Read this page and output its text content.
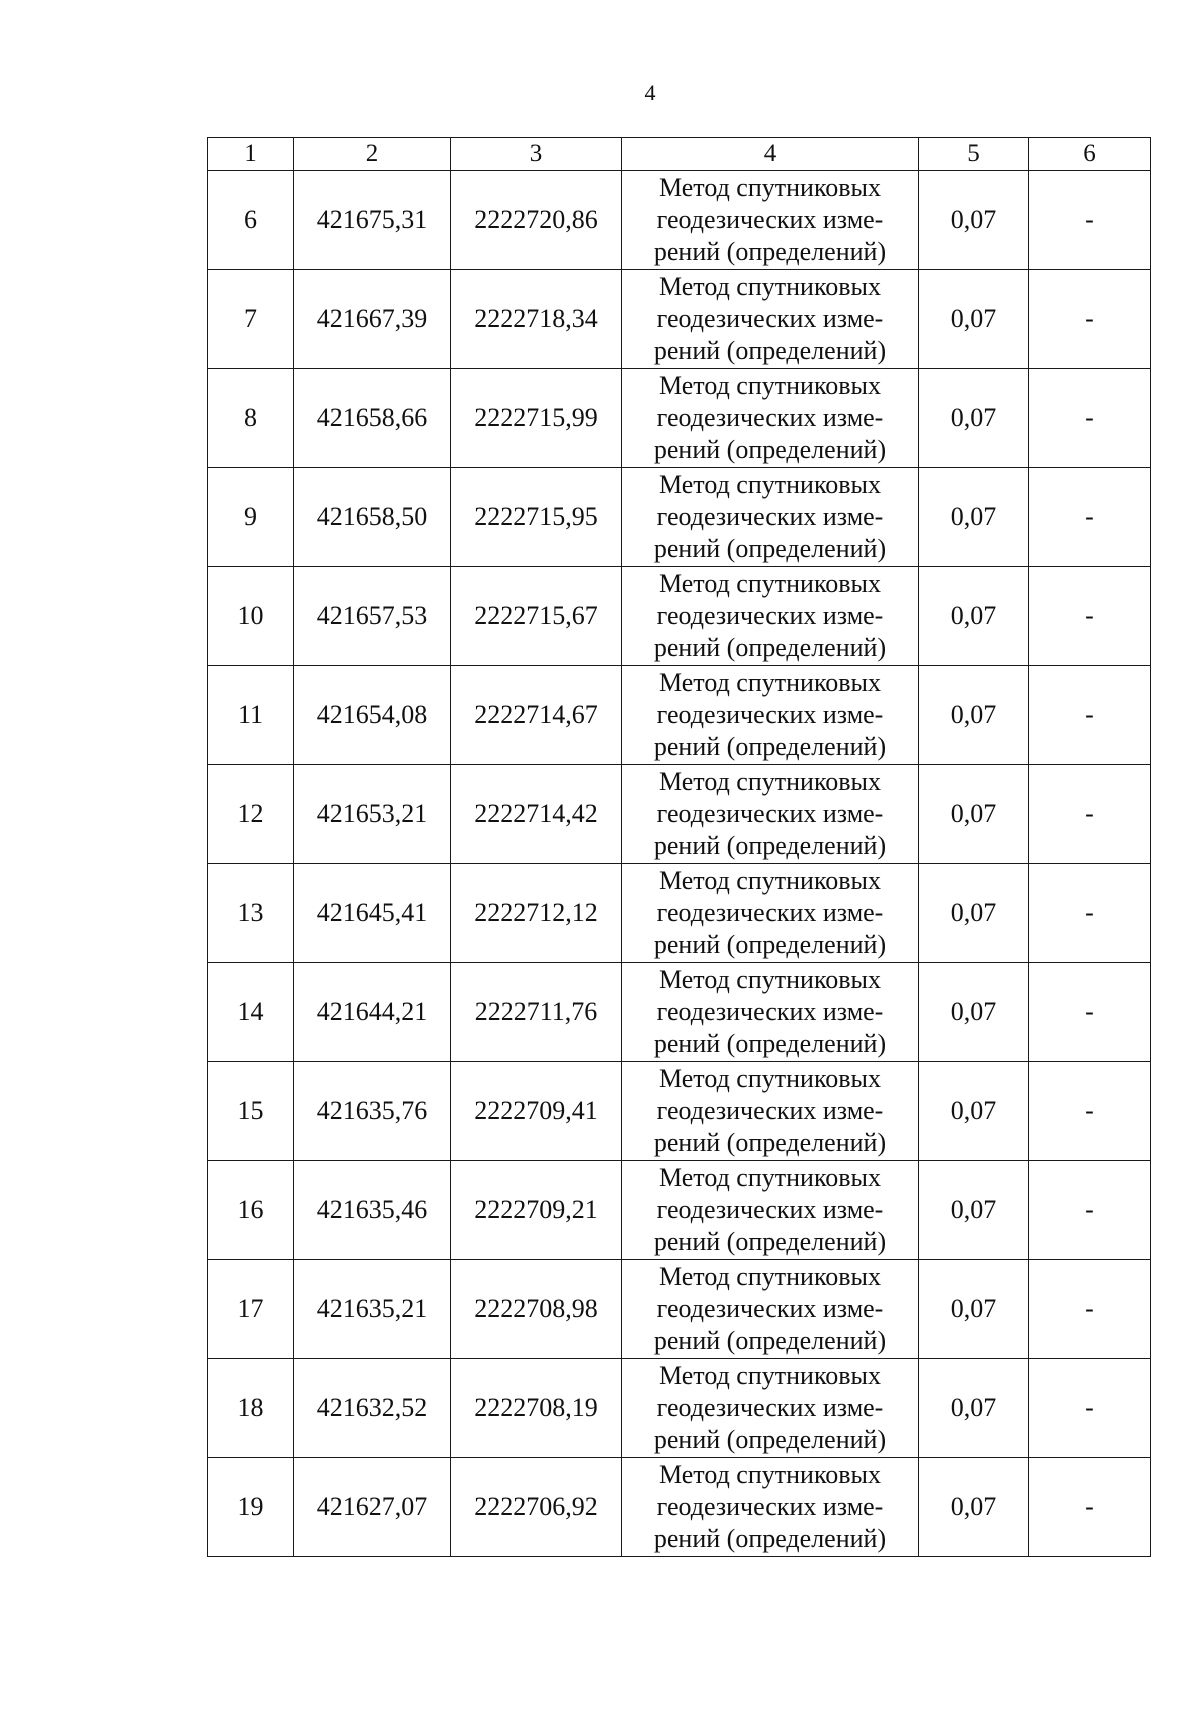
4
1	2	3	4	5	6
6	421675,31	2222720,86	Метод спутниковых
геодезических изме-
рений (определений)	0,07	-
7	421667,39	2222718,34	Метод спутниковых
геодезических изме-
рений (определений)	0,07	-
8	421658,66	2222715,99	Метод спутниковых
геодезических изме-
рений (определений)	0,07	-
9	421658,50	2222715,95	Метод спутниковых
геодезических изме-
рений (определений)	0,07	-
10	421657,53	2222715,67	Метод спутниковых
геодезических изме-
рений (определений)	0,07	-
11	421654,08	2222714,67	Метод спутниковых
геодезических изме-
рений (определений)	0,07	-
12	421653,21	2222714,42	Метод спутниковых
геодезических изме-
рений (определений)	0,07	-
13	421645,41	2222712,12	Метод спутниковых
геодезических изме-
рений (определений)	0,07	-
14	421644,21	2222711,76	Метод спутниковых
геодезических изме-
рений (определений)	0,07	-
15	421635,76	2222709,41	Метод спутниковых
геодезических изме-
рений (определений)	0,07	-
16	421635,46	2222709,21	Метод спутниковых
геодезических изме-
рений (определений)	0,07	-
17	421635,21	2222708,98	Метод спутниковых
геодезических изме-
рений (определений)	0,07	-
18	421632,52	2222708,19	Метод спутниковых
геодезических изме-
рений (определений)	0,07	-
19	421627,07	2222706,92	Метод спутниковых
геодезических изме-
рений (определений)	0,07	-
